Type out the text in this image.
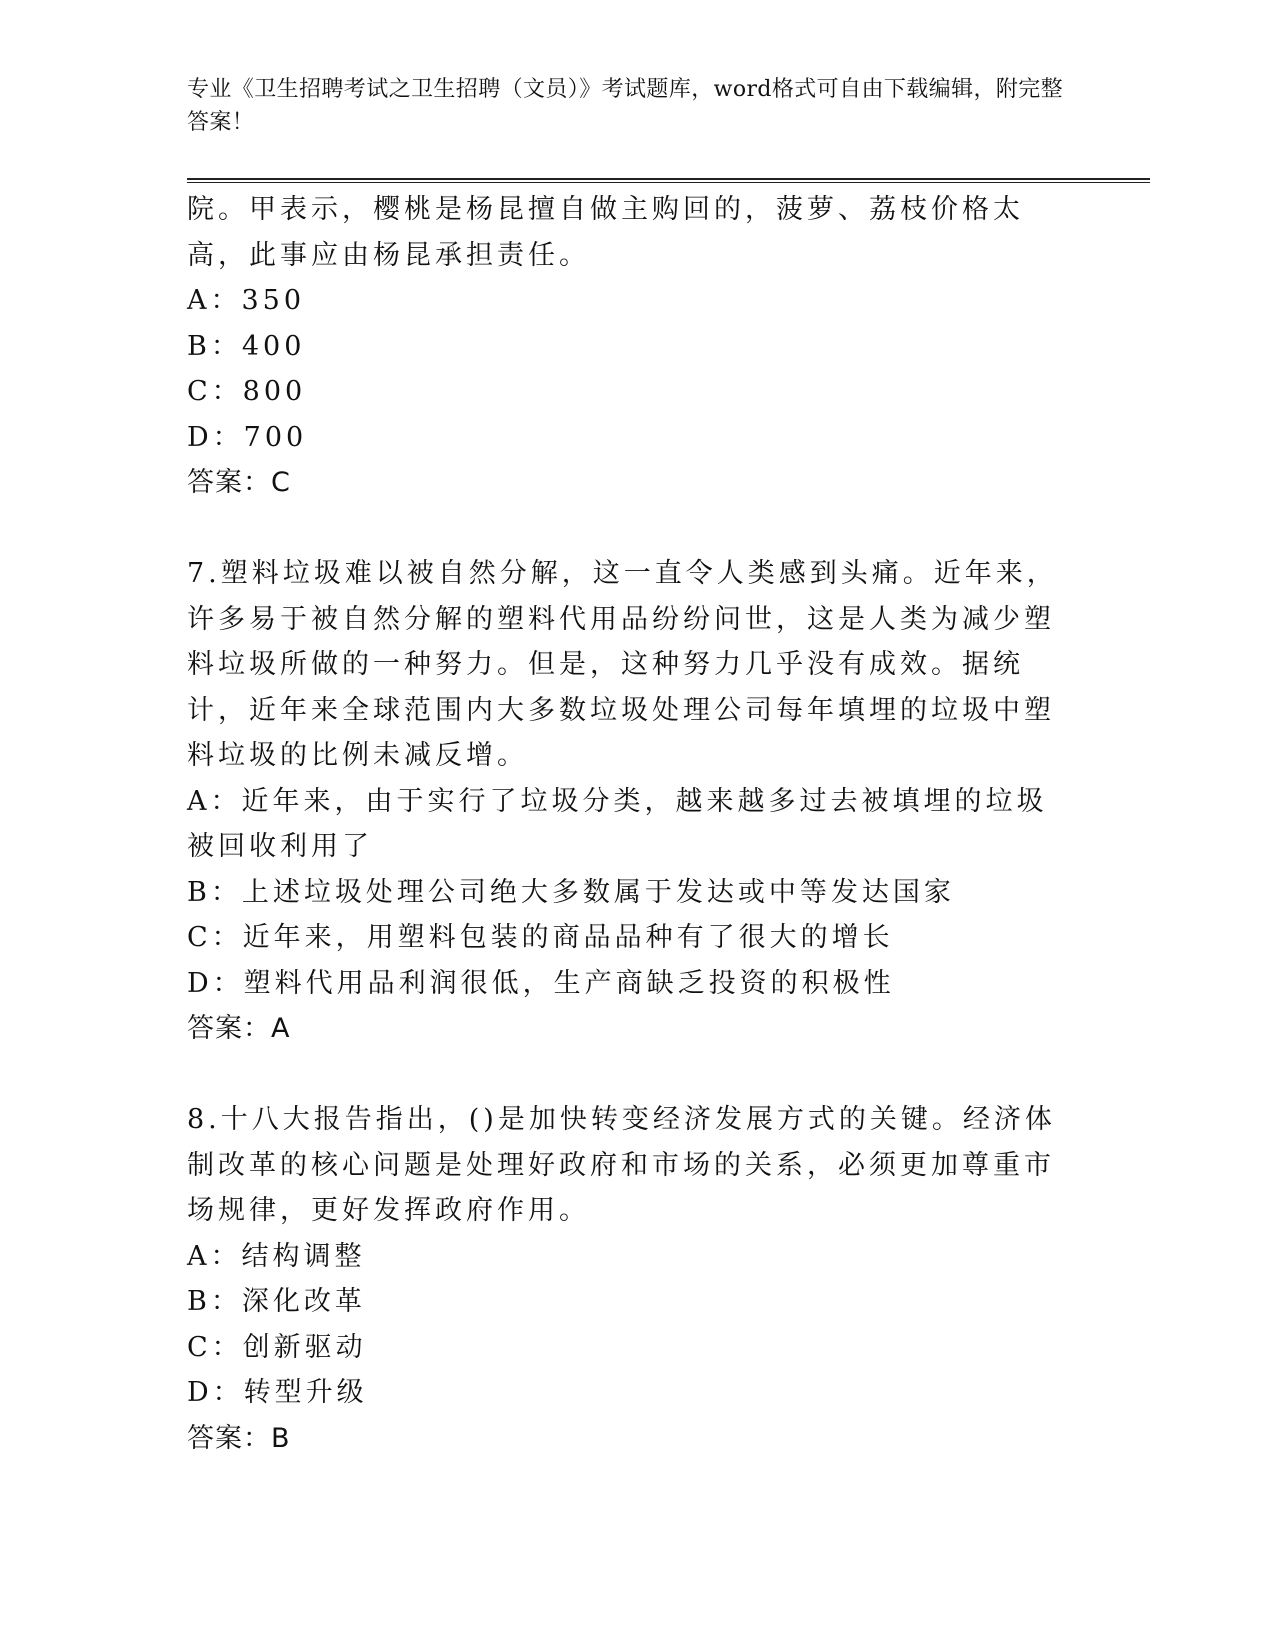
专业《卫生招聘考试之卫生招聘（文员）》考试题库，word格式可自由下载编辑，附完整答案！

院。甲表示，樱桃是杨昆擅自做主购回的，菠萝、荔枝价格太高，此事应由杨昆承担责任。

A：350

B：400

C：800

D：700

答案：C

7.塑料垃圾难以被自然分解，这一直令人类感到头痛。近年来，许多易于被自然分解的塑料代用品纷纷问世，这是人类为减少塑料垃圾所做的一种努力。但是，这种努力几乎没有成效。据统计，近年来全球范围内大多数垃圾处理公司每年填埋的垃圾中塑料垃圾的比例未减反增。

A：近年来，由于实行了垃圾分类，越来越多过去被填埋的垃圾被回收利用了

B：上述垃圾处理公司绝大多数属于发达或中等发达国家

C：近年来，用塑料包装的商品品种有了很大的增长

D：塑料代用品利润很低，生产商缺乏投资的积极性

答案：A

8.十八大报告指出，()是加快转变经济发展方式的关键。经济体制改革的核心问题是处理好政府和市场的关系，必须更加尊重市场规律，更好发挥政府作用。

A：结构调整

B：深化改革

C：创新驱动

D：转型升级

答案：B
